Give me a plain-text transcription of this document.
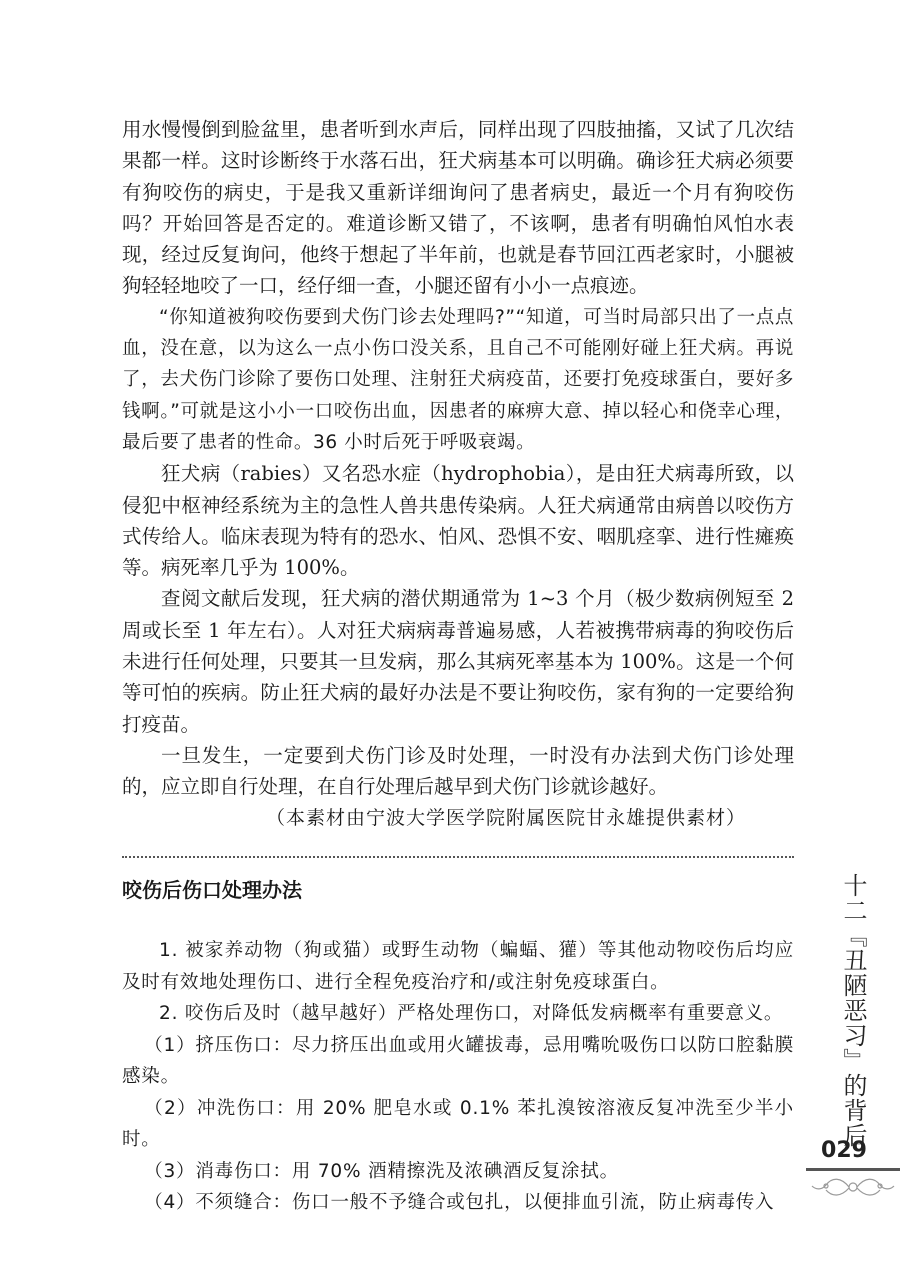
用水慢慢倒到脸盆里，患者听到水声后，同样出现了四肢抽搐，又试了几次结果都一样。这时诊断终于水落石出，狂犬病基本可以明确。确诊狂犬病必须要有狗咬伤的病史，于是我又重新详细询问了患者病史，最近一个月有狗咬伤吗？开始回答是否定的。难道诊断又错了，不该啊，患者有明确怕风怕水表现，经过反复询问，他终于想起了半年前，也就是春节回江西老家时，小腿被狗轻轻地咬了一口，经仔细一查，小腿还留有小小一点痕迹。

“你知道被狗咬伤要到犬伤门诊去处理吗?”“知道，可当时局部只出了一点点血，没在意，以为这么一点小伤口没关系，且自己不可能刚好碰上狂犬病。再说了，去犬伤门诊除了要伤口处理、注射狂犬病疫苗，还要打免疫球蛋白，要好多钱啊。”可就是这小小一口咬伤出血，因患者的麻痹大意、掉以轻心和侥幸心理，最后要了患者的性命。36 小时后死于呼吸衰竭。

狂犬病（rabies）又名恐水症（hydrophobia），是由狂犬病毒所致，以侵犯中枢神经系统为主的急性人兽共患传染病。人狂犬病通常由病兽以咬伤方式传给人。临床表现为特有的恐水、怕风、恐惧不安、咽肌痉挛、进行性瘫痪等。病死率几乎为 100%。

查阅文献后发现，狂犬病的潜伏期通常为 1~3 个月（极少数病例短至 2 周或长至 1 年左右）。人对狂犬病病毒普遍易感，人若被携带病毒的狗咬伤后未进行任何处理，只要其一旦发病，那么其病死率基本为 100%。这是一个何等可怕的疾病。防止狂犬病的最好办法是不要让狗咬伤，家有狗的一定要给狗打疫苗。

一旦发生，一定要到犬伤门诊及时处理，一时没有办法到犬伤门诊处理的，应立即自行处理，在自行处理后越早到犬伤门诊就诊越好。

（本素材由宁波大学医学院附属医院甘永雄提供素材）

咬伤后伤口处理办法

1. 被家养动物（狗或猫）或野生动物（蝙蝠、獾）等其他动物咬伤后均应及时有效地处理伤口、进行全程免疫治疗和/或注射免疫球蛋白。

2. 咬伤后及时（越早越好）严格处理伤口，对降低发病概率有重要意义。

（1）挤压伤口：尽力挤压出血或用火罐拔毒，忌用嘴吮吸伤口以防口腔黏膜感染。

（2）冲洗伤口：用 20% 肥皂水或 0.1% 苯扎溴铵溶液反复冲洗至少半小时。

（3）消毒伤口：用 70% 酒精擦洗及浓碘酒反复涂拭。

（4）不须缝合：伤口一般不予缝合或包扎，以便排血引流，防止病毒传入

十二『丑陋恶习』的背后
029
